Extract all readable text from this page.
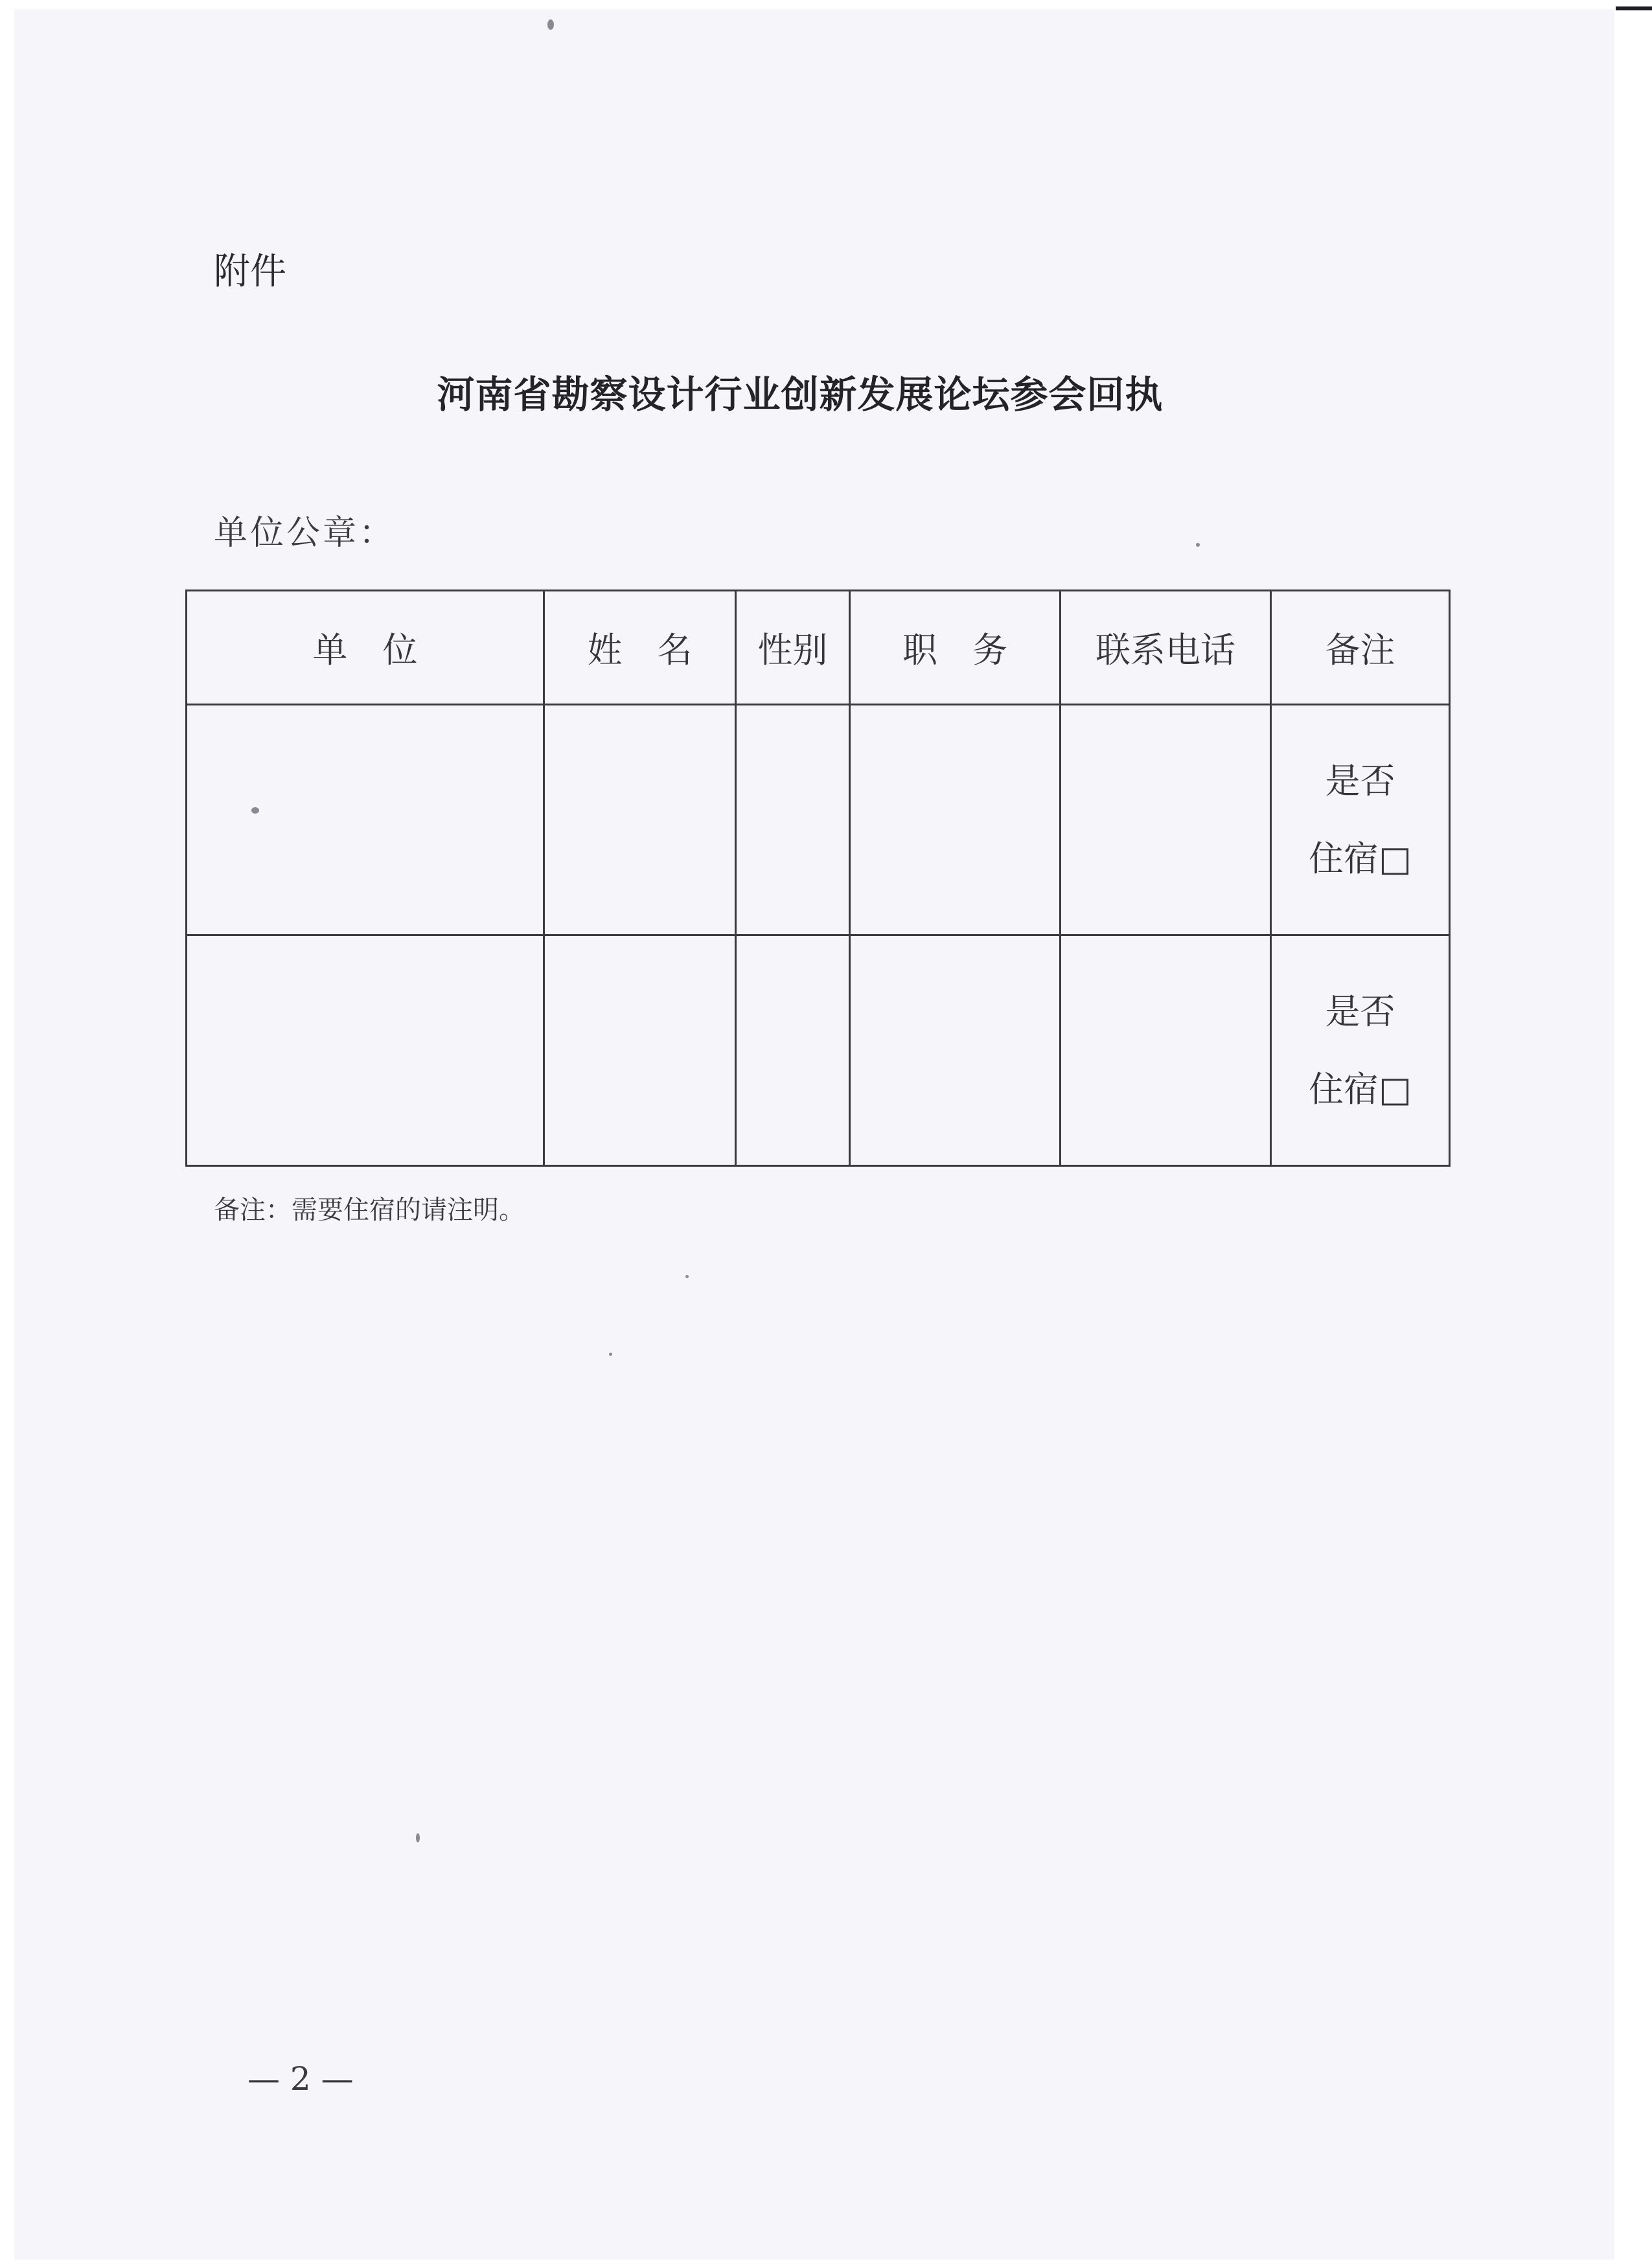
附件
河南省勘察设计行业创新发展论坛参会回执
单位公章：
单　位	姓　名	性别	职　务	联系电话	备注

					是否
住宿□

					是否
住宿□
备注：需要住宿的请注明。
— 2 —
